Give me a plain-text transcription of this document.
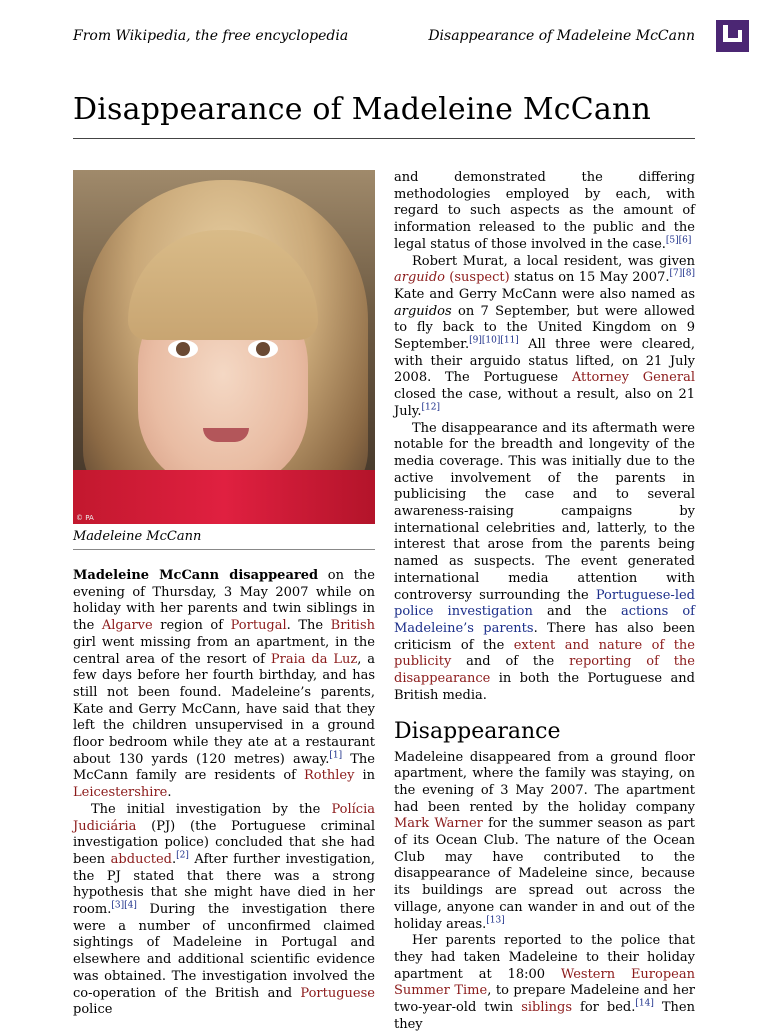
From Wikipedia, the free encyclopedia	Disappearance of Madeleine McCann
Disappearance of Madeleine McCann
© PA
Madeleine McCann

Madeleine McCann disappeared on the evening of Thursday, 3 May 2007 while on holiday with her parents and twin siblings in the Algarve region of Portugal. The British girl went missing from an apartment, in the central area of the resort of Praia da Luz, a few days before her fourth birthday, and has still not been found. Madeleine’s parents, Kate and Gerry McCann, have said that they left the children unsupervised in a ground floor bedroom while they ate at a restaurant about 130 yards (120 metres) away.[1] The McCann family are residents of Rothley in Leicestershire.

The initial investigation by the Polícia Judiciária (PJ) (the Portuguese criminal investigation police) concluded that she had been abducted.[2] After further investigation, the PJ stated that there was a strong hypothesis that she might have died in her room.[3][4] During the investigation there were a number of unconfirmed claimed sightings of Madeleine in Portugal and elsewhere and additional scientific evidence was obtained. The investigation involved the co-operation of the British and Portuguese police

and demonstrated the differing methodologies employed by each, with regard to such aspects as the amount of information released to the public and the legal status of those involved in the case.[5][6]

Robert Murat, a local resident, was given arguido (suspect) status on 15 May 2007.[7][8] Kate and Gerry McCann were also named as arguidos on 7 September, but were allowed to fly back to the United Kingdom on 9 September.[9][10][11] All three were cleared, with their arguido status lifted, on 21 July 2008. The Portuguese Attorney General closed the case, without a result, also on 21 July.[12]

The disappearance and its aftermath were notable for the breadth and longevity of the media coverage. This was initially due to the active involvement of the parents in publicising the case and to several awareness-raising campaigns by international celebrities and, latterly, to the interest that arose from the parents being named as suspects. The event generated international media attention with controversy surrounding the Portuguese-led police investigation and the actions of Madeleine’s parents. There has also been criticism of the extent and nature of the publicity and of the reporting of the disappearance in both the Portuguese and British media.

Disappearance

Madeleine disappeared from a ground floor apartment, where the family was staying, on the evening of 3 May 2007. The apartment had been rented by the holiday company Mark Warner for the summer season as part of its Ocean Club. The nature of the Ocean Club may have contributed to the disappearance of Madeleine since, because its buildings are spread out across the village, anyone can wander in and out of the holiday areas.[13]

Her parents reported to the police that they had taken Madeleine to their holiday apartment at 18:00 Western European Summer Time, to prepare Madeleine and her two-year-old twin siblings for bed.[14] Then they
